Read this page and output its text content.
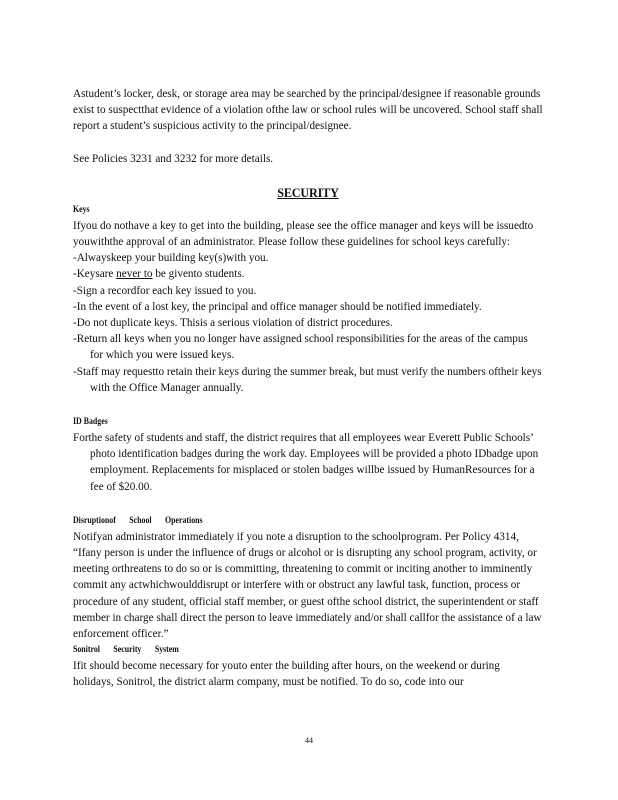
Astudent’s locker, desk, or storage area may be searched by the principal/designee if reasonable grounds exist to suspectthat evidence of a violation ofthe law or school rules will be uncovered. School staff shall report a student’s suspicious activity to the principal/designee.

See Policies 3231 and 3232 for more details.

SECURITY

Keys

Ifyou do nothave a key to get into the building, please see the office manager and keys will be issuedto youwiththe approval of an administrator. Please follow these guidelines for school keys carefully:

-Alwayskeep your building key(s)with you.

-Keysare never to be givento students.

-Sign a recordfor each key issued to you.

-In the event of a lost key, the principal and office manager should be notified immediately.

-Do not duplicate keys. Thisis a serious violation of district procedures.

-Return all keys when you no longer have assigned school responsibilities for the areas of the campus for which you were issued keys.

-Staff may requestto retain their keys during the summer break, but must verify the numbers oftheir keys with the Office Manager annually.

ID Badges

Forthe safety of students and staff, the district requires that all employees wear Everett Public Schools’ photo identification badges during the work day. Employees will be provided a photo IDbadge upon employment. Replacements for misplaced or stolen badges willbe issued by HumanResources for a fee of $20.00.

Disruptionof School Operations

Notifyan administrator immediately if you note a disruption to the schoolprogram. Per Policy 4314, “Ifany person is under the influence of drugs or alcohol or is disrupting any school program, activity, or meeting orthreatens to do so or is committing, threatening to commit or inciting another to imminently commit any actwhichwoulddisrupt or interfere with or obstruct any lawful task, function, process or procedure of any student, official staff member, or guest ofthe school district, the superintendent or staff member in charge shall direct the person to leave immediately and/or shall callfor the assistance of a law enforcement officer.”

Sonitrol Security System

Ifit should become necessary for youto enter the building after hours, on the weekend or during holidays, Sonitrol, the district alarm company, must be notified. To do so, code into our

44
